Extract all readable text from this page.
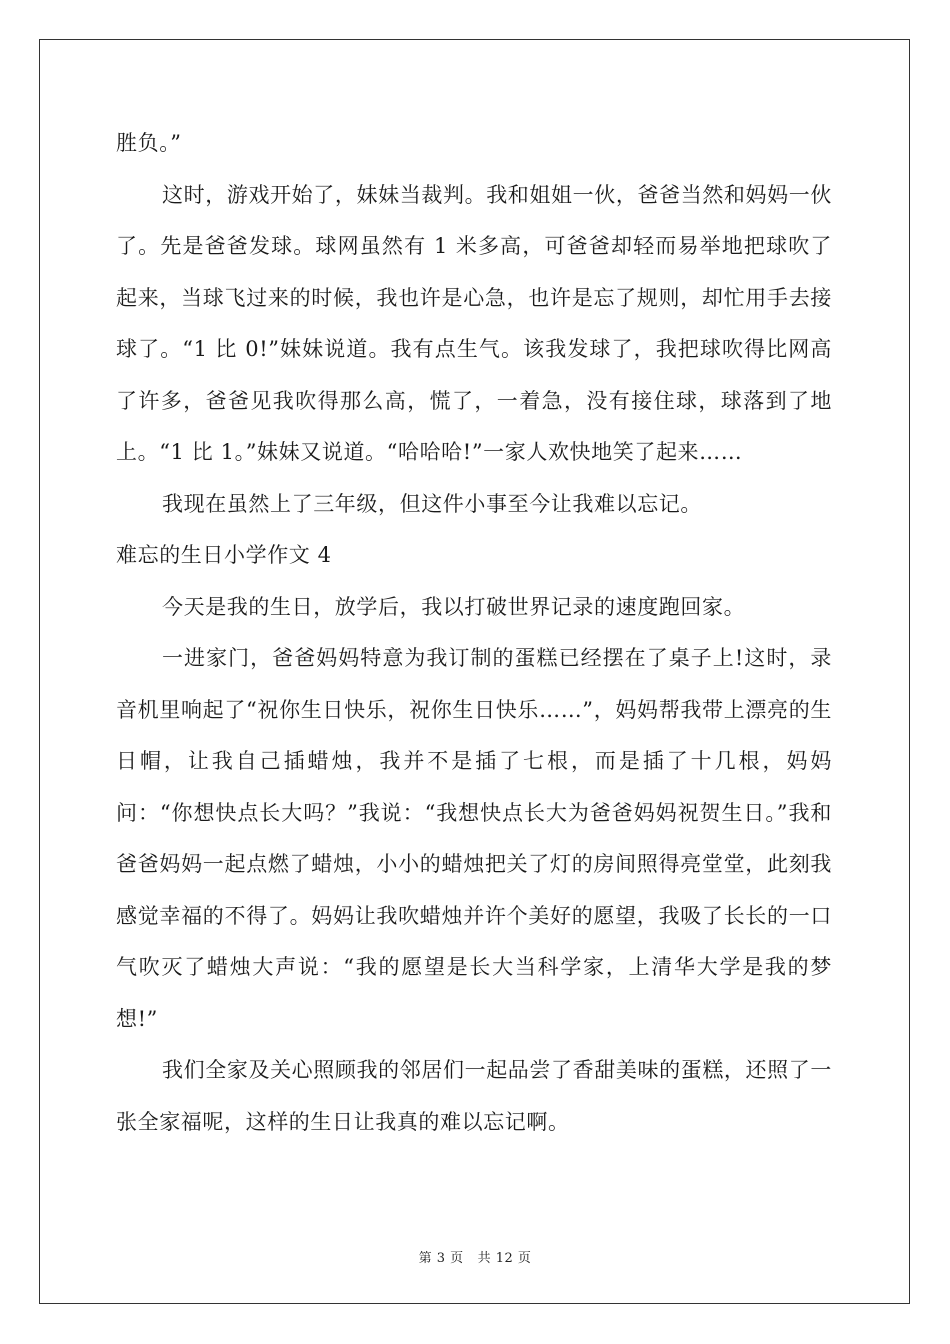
胜负。”

这时，游戏开始了，妹妹当裁判。我和姐姐一伙，爸爸当然和妈妈一伙了。先是爸爸发球。球网虽然有 1 米多高，可爸爸却轻而易举地把球吹了起来，当球飞过来的时候，我也许是心急，也许是忘了规则，却忙用手去接球了。“1 比 0!”妹妹说道。我有点生气。该我发球了，我把球吹得比网高了许多，爸爸见我吹得那么高，慌了，一着急，没有接住球，球落到了地上。“1 比 1。”妹妹又说道。“哈哈哈!”一家人欢快地笑了起来……

我现在虽然上了三年级，但这件小事至今让我难以忘记。

难忘的生日小学作文 4

今天是我的生日，放学后，我以打破世界记录的速度跑回家。

一进家门，爸爸妈妈特意为我订制的蛋糕已经摆在了桌子上!这时，录音机里响起了“祝你生日快乐，祝你生日快乐……”，妈妈帮我带上漂亮的生日帽，让我自己插蜡烛，我并不是插了七根，而是插了十几根，妈妈问：“你想快点长大吗？”我说：“我想快点长大为爸爸妈妈祝贺生日。”我和爸爸妈妈一起点燃了蜡烛，小小的蜡烛把关了灯的房间照得亮堂堂，此刻我感觉幸福的不得了。妈妈让我吹蜡烛并许个美好的愿望，我吸了长长的一口气吹灭了蜡烛大声说：“我的愿望是长大当科学家，上清华大学是我的梦想!”

我们全家及关心照顾我的邻居们一起品尝了香甜美味的蛋糕，还照了一张全家福呢，这样的生日让我真的难以忘记啊。

第 3 页 共 12 页
